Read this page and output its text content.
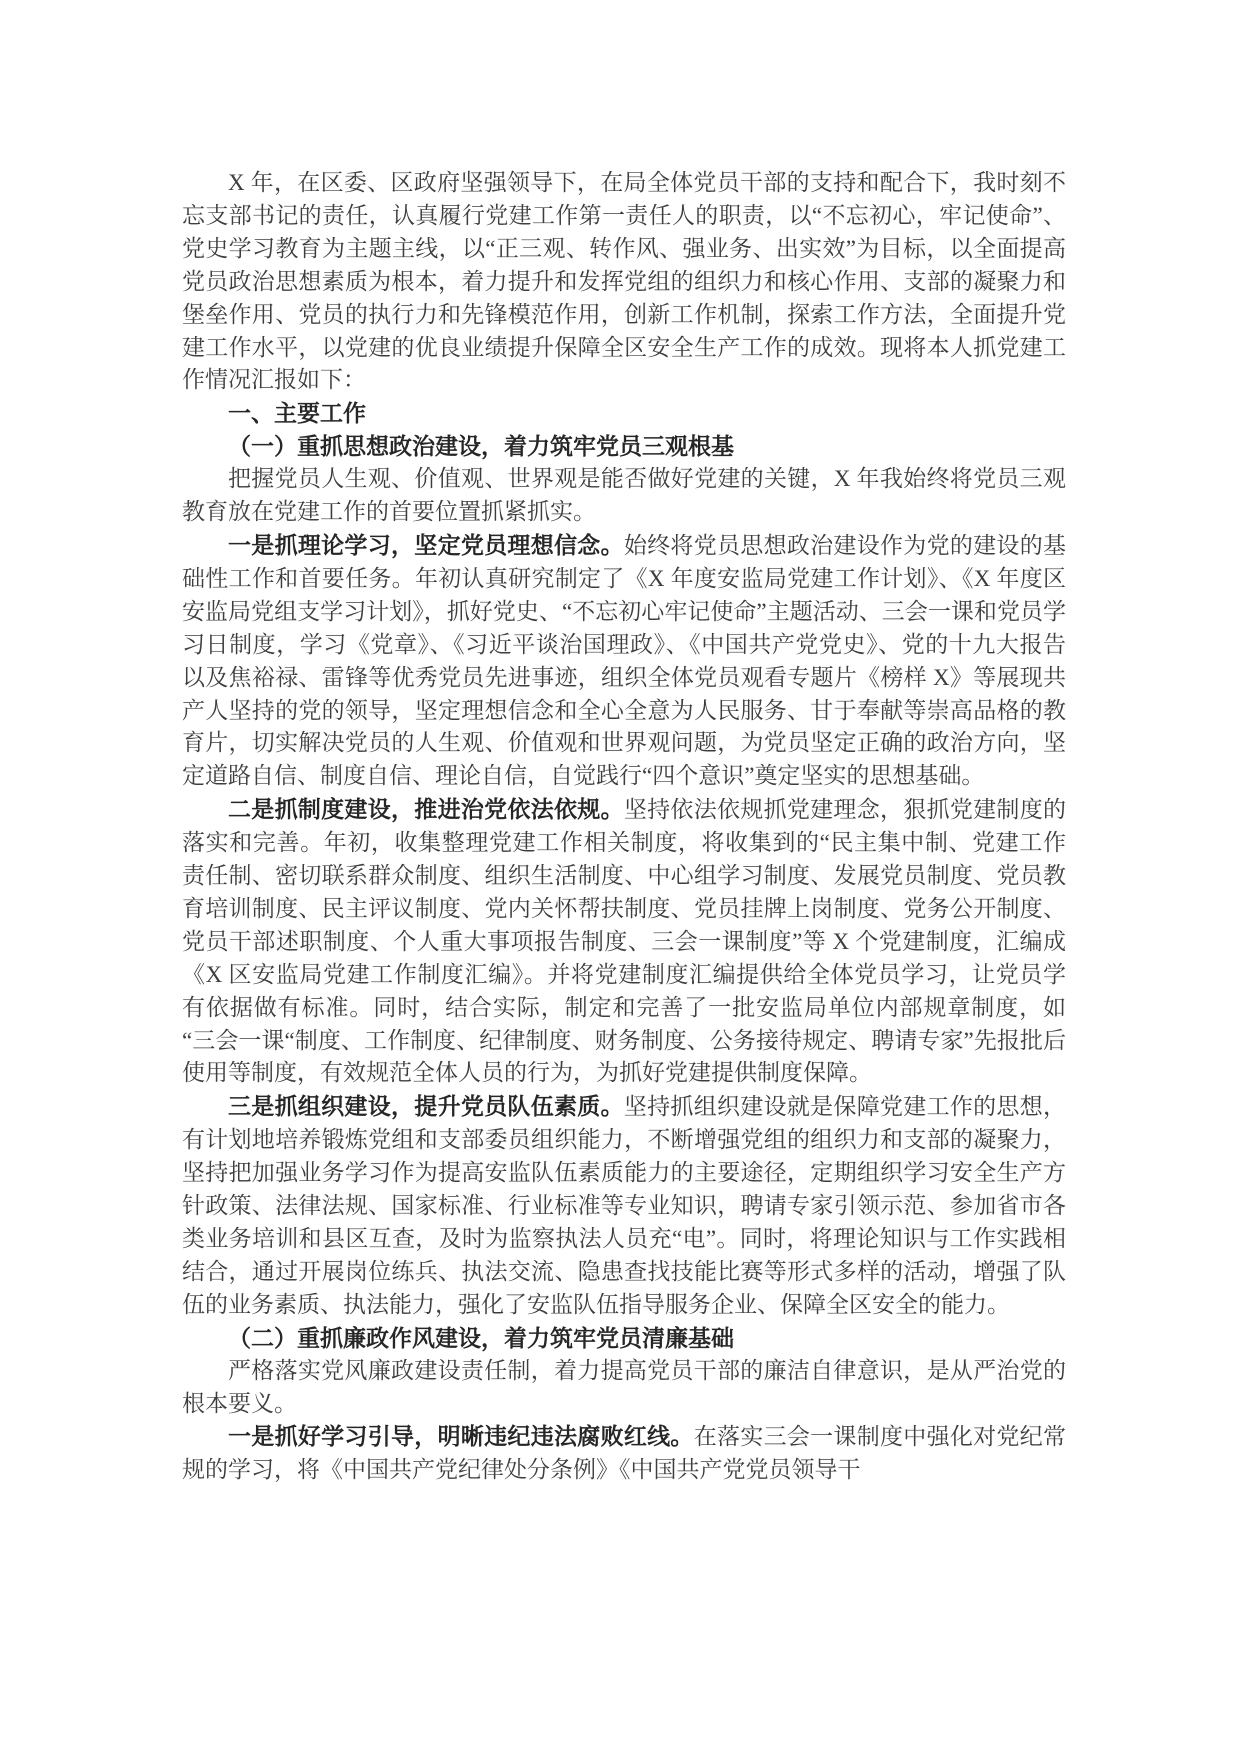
X 年，在区委、区政府坚强领导下，在局全体党员干部的支持和配合下，我时刻不忘支部书记的责任，认真履行党建工作第一责任人的职责，以“不忘初心，牢记使命”、党史学习教育为主题主线，以“正三观、转作风、强业务、出实效”为目标，以全面提高党员政治思想素质为根本，着力提升和发挥党组的组织力和核心作用、支部的凝聚力和堡垒作用、党员的执行力和先锋模范作用，创新工作机制，探索工作方法，全面提升党建工作水平，以党建的优良业绩提升保障全区安全生产工作的成效。现将本人抓党建工作情况汇报如下：

一、主要工作
（一）重抓思想政治建设，着力筑牢党员三观根基

把握党员人生观、价值观、世界观是能否做好党建的关键，X 年我始终将党员三观教育放在党建工作的首要位置抓紧抓实。

一是抓理论学习，坚定党员理想信念。始终将党员思想政治建设作为党的建设的基础性工作和首要任务。年初认真研究制定了《X 年度安监局党建工作计划》、《X 年度区安监局党组支学习计划》，抓好党史、“不忘初心牢记使命”主题活动、三会一课和党员学习日制度，学习《党章》、《习近平谈治国理政》、《中国共产党党史》、党的十九大报告以及焦裕禄、雷锋等优秀党员先进事迹，组织全体党员观看专题片《榜样 X》等展现共产人坚持的党的领导，坚定理想信念和全心全意为人民服务、甘于奉献等崇高品格的教育片，切实解决党员的人生观、价值观和世界观问题，为党员坚定正确的政治方向，坚定道路自信、制度自信、理论自信，自觉践行“四个意识”奠定坚实的思想基础。

二是抓制度建设，推进治党依法依规。坚持依法依规抓党建理念，狠抓党建制度的落实和完善。年初，收集整理党建工作相关制度，将收集到的“民主集中制、党建工作责任制、密切联系群众制度、组织生活制度、中心组学习制度、发展党员制度、党员教育培训制度、民主评议制度、党内关怀帮扶制度、党员挂牌上岗制度、党务公开制度、党员干部述职制度、个人重大事项报告制度、三会一课制度”等 X 个党建制度，汇编成《X 区安监局党建工作制度汇编》。并将党建制度汇编提供给全体党员学习，让党员学有依据做有标准。同时，结合实际，制定和完善了一批安监局单位内部规章制度，如“三会一课“制度、工作制度、纪律制度、财务制度、公务接待规定、聘请专家”先报批后使用等制度，有效规范全体人员的行为，为抓好党建提供制度保障。

三是抓组织建设，提升党员队伍素质。坚持抓组织建设就是保障党建工作的思想，有计划地培养锻炼党组和支部委员组织能力，不断增强党组的组织力和支部的凝聚力，坚持把加强业务学习作为提高安监队伍素质能力的主要途径，定期组织学习安全生产方针政策、法律法规、国家标准、行业标准等专业知识，聘请专家引领示范、参加省市各类业务培训和县区互查，及时为监察执法人员充“电”。同时，将理论知识与工作实践相结合，通过开展岗位练兵、执法交流、隐患查找技能比赛等形式多样的活动，增强了队伍的业务素质、执法能力，强化了安监队伍指导服务企业、保障全区安全的能力。

（二）重抓廉政作风建设，着力筑牢党员清廉基础

严格落实党风廉政建设责任制，着力提高党员干部的廉洁自律意识，是从严治党的根本要义。

一是抓好学习引导，明晰违纪违法腐败红线。在落实三会一课制度中强化对党纪常规的学习，将《中国共产党纪律处分条例》《中国共产党党员领导干
